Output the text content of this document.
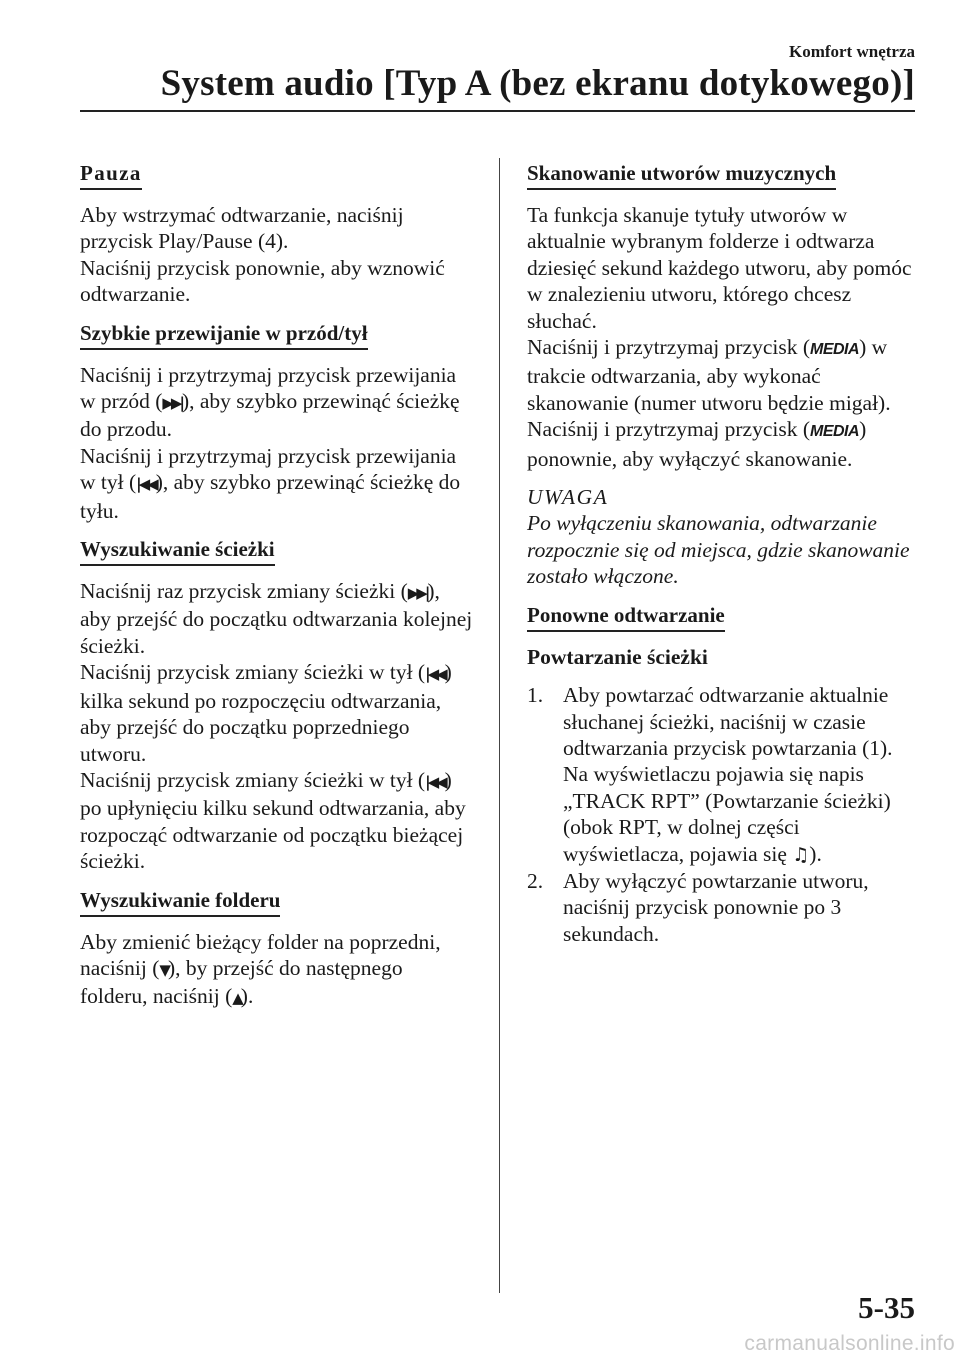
Komfort wnętrza
System audio [Typ A (bez ekranu dotykowego)]
Pauza

Aby wstrzymać odtwarzanie, naciśnij przycisk Play/Pause (4).
Naciśnij przycisk ponownie, aby wznowić odtwarzanie.

Szybkie przewijanie w przód/tył

Naciśnij i przytrzymaj przycisk przewijania w przód (▶▶|), aby szybko przewinąć ścieżkę do przodu.
Naciśnij i przytrzymaj przycisk przewijania w tył (|◀◀), aby szybko przewinąć ścieżkę do tyłu.

Wyszukiwanie ścieżki

Naciśnij raz przycisk zmiany ścieżki (▶▶|), aby przejść do początku odtwarzania kolejnej ścieżki.
Naciśnij przycisk zmiany ścieżki w tył (|◀◀) kilka sekund po rozpoczęciu odtwarzania, aby przejść do początku poprzedniego utworu.
Naciśnij przycisk zmiany ścieżki w tył (|◀◀) po upłynięciu kilku sekund odtwarzania, aby rozpocząć odtwarzanie od początku bieżącej ścieżki.

Wyszukiwanie folderu

Aby zmienić bieżący folder na poprzedni, naciśnij (▼), by przejść do następnego folderu, naciśnij (▲).

Skanowanie utworów muzycznych

Ta funkcja skanuje tytuły utworów w aktualnie wybranym folderze i odtwarza dziesięć sekund każdego utworu, aby pomóc w znalezieniu utworu, którego chcesz słuchać.
Naciśnij i przytrzymaj przycisk (MEDIA) w trakcie odtwarzania, aby wykonać skanowanie (numer utworu będzie migał).
Naciśnij i przytrzymaj przycisk (MEDIA) ponownie, aby wyłączyć skanowanie.

UWAGA

Po wyłączeniu skanowania, odtwarzanie rozpocznie się od miejsca, gdzie skanowanie zostało włączone.

Ponowne odtwarzanie
Powtarzanie ścieżki
1. Aby powtarzać odtwarzanie aktualnie słuchanej ścieżki, naciśnij w czasie odtwarzania przycisk powtarzania (1). Na wyświetlaczu pojawia się napis „TRACK RPT” (Powtarzanie ścieżki) (obok RPT, w dolnej części wyświetlacza, pojawia się ♫).
2. Aby wyłączyć powtarzanie utworu, naciśnij przycisk ponownie po 3 sekundach.
5-35
carmanualsonline.info
